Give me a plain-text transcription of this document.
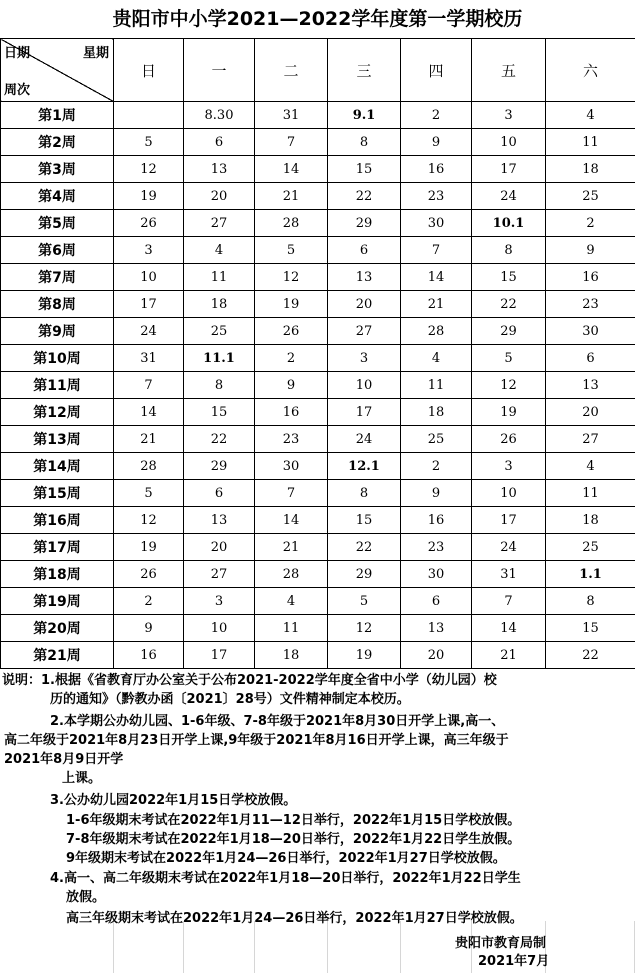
贵阳市中小学2021—2022学年度第一学期校历
日期 星期
周次	日	一	二	三	四	五	六
第1周		8.30	31	9.1	2	3	4
第2周	5	6	7	8	9	10	11
第3周	12	13	14	15	16	17	18
第4周	19	20	21	22	23	24	25
第5周	26	27	28	29	30	10.1	2
第6周	3	4	5	6	7	8	9
第7周	10	11	12	13	14	15	16
第8周	17	18	19	20	21	22	23
第9周	24	25	26	27	28	29	30
第10周	31	11.1	2	3	4	5	6
第11周	7	8	9	10	11	12	13
第12周	14	15	16	17	18	19	20
第13周	21	22	23	24	25	26	27
第14周	28	29	30	12.1	2	3	4
第15周	5	6	7	8	9	10	11
第16周	12	13	14	15	16	17	18
第17周	19	20	21	22	23	24	25
第18周	26	27	28	29	30	31	1.1
第19周	2	3	4	5	6	7	8
第20周	9	10	11	12	13	14	15
第21周	16	17	18	19	20	21	22
说明：1.根据《省教育厅办公室关于公布2021-2022学年度全省中小学（幼儿园）校
历的通知》（黔教办函〔2021〕28号）文件精神制定本校历。
2.本学期公办幼儿园、1-6年级、7-8年级于2021年8月30日开学上课,高一、
高二年级于2021年8月23日开学上课,9年级于2021年8月16日开学上课，高三年级于
2021年8月9日开学
上课。
3.公办幼儿园2022年1月15日学校放假。
1-6年级期末考试在2022年1月11—12日举行，2022年1月15日学校放假。
7-8年级期末考试在2022年1月18—20日举行，2022年1月22日学生放假。
9年级期末考试在2022年1月24—26日举行，2022年1月27日学校放假。
4.高一、高二年级期末考试在2022年1月18—20日举行，2022年1月22日学生
放假。
高三年级期末考试在2022年1月24—26日举行，2022年1月27日学校放假。
贵阳市教育局制
2021年7月
